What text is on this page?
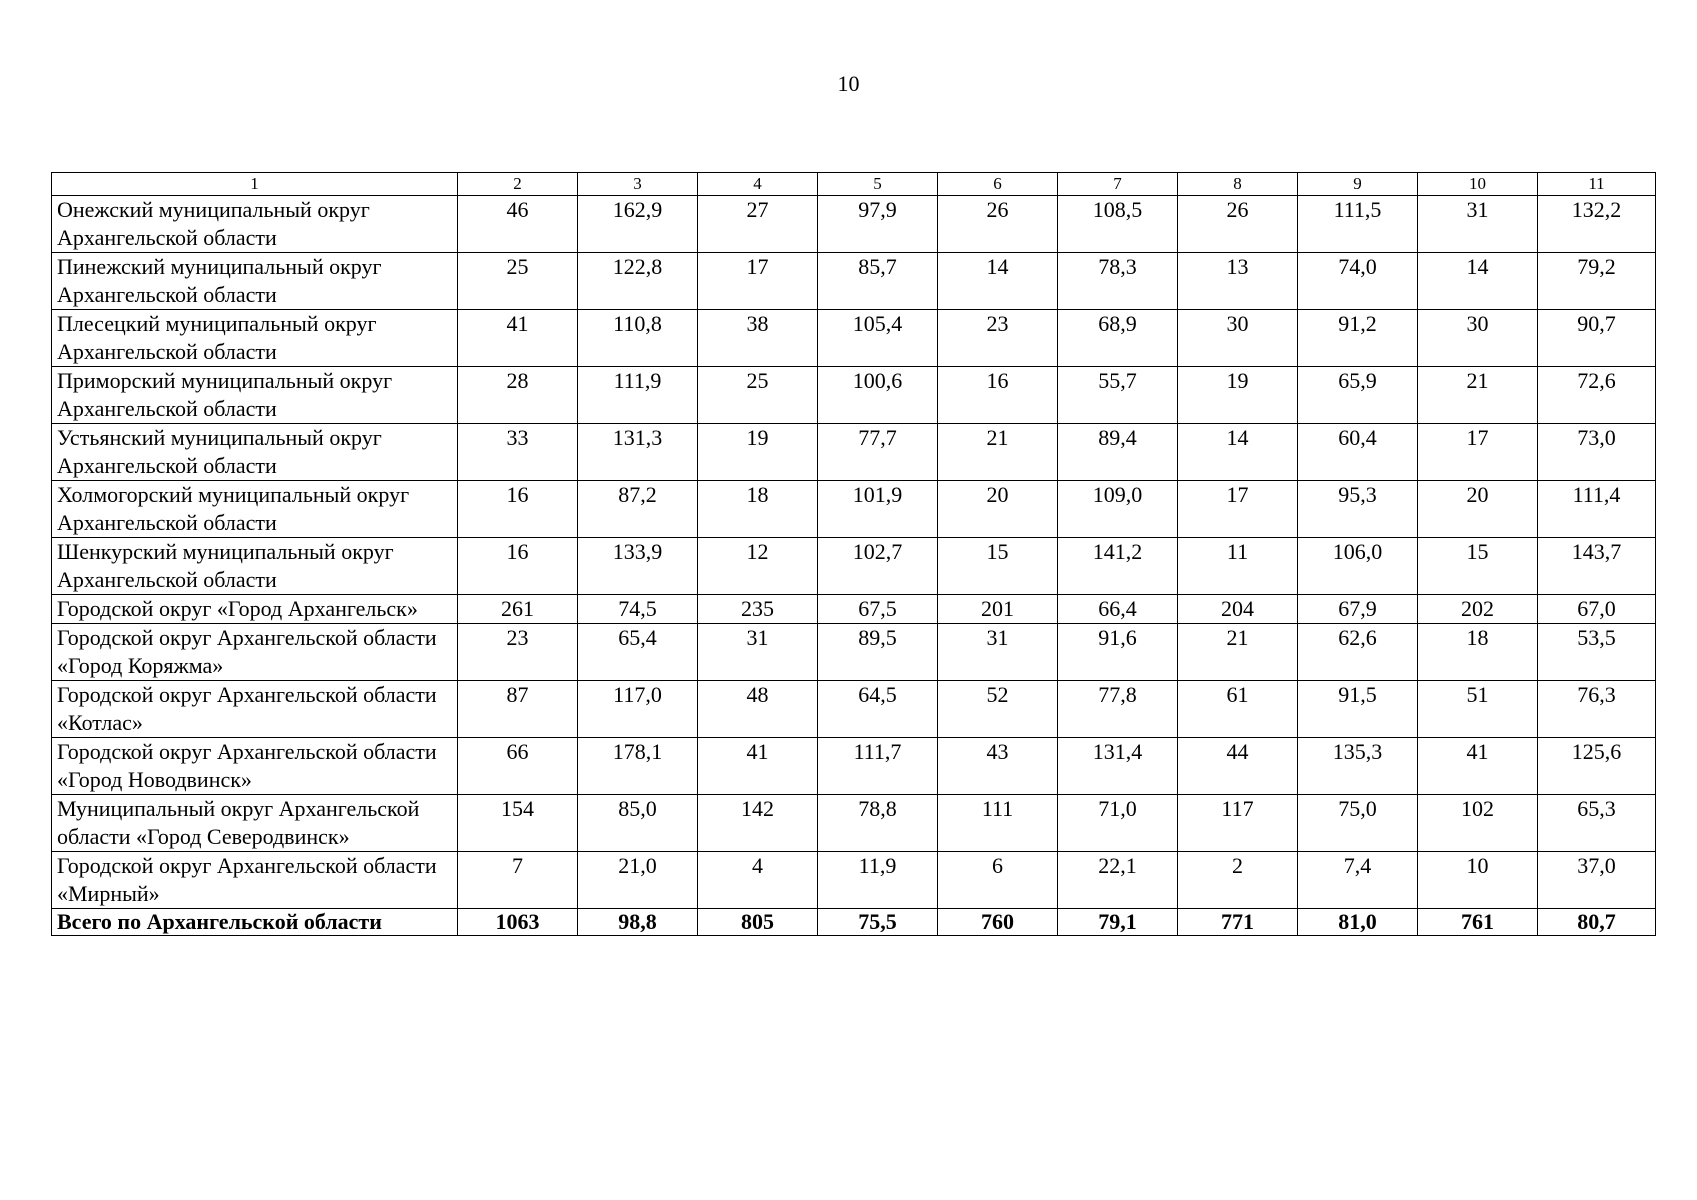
10
1	2	3	4	5	6	7	8	9	10	11
Онежский муниципальный округ Архангельской области	46	162,9	27	97,9	26	108,5	26	111,5	31	132,2
Пинежский муниципальный округ Архангельской области	25	122,8	17	85,7	14	78,3	13	74,0	14	79,2
Плесецкий муниципальный округ Архангельской области	41	110,8	38	105,4	23	68,9	30	91,2	30	90,7
Приморский муниципальный округ Архангельской области	28	111,9	25	100,6	16	55,7	19	65,9	21	72,6
Устьянский муниципальный округ Архангельской области	33	131,3	19	77,7	21	89,4	14	60,4	17	73,0
Холмогорский муниципальный округ Архангельской области	16	87,2	18	101,9	20	109,0	17	95,3	20	111,4
Шенкурский муниципальный округ Архангельской области	16	133,9	12	102,7	15	141,2	11	106,0	15	143,7
Городской округ «Город Архангельск»	261	74,5	235	67,5	201	66,4	204	67,9	202	67,0
Городской округ Архангельской области «Город Коряжма»	23	65,4	31	89,5	31	91,6	21	62,6	18	53,5
Городской округ Архангельской области «Котлас»	87	117,0	48	64,5	52	77,8	61	91,5	51	76,3
Городской округ Архангельской области «Город Новодвинск»	66	178,1	41	111,7	43	131,4	44	135,3	41	125,6
Муниципальный округ Архангельской области «Город Северодвинск»	154	85,0	142	78,8	111	71,0	117	75,0	102	65,3
Городской округ Архангельской области «Мирный»	7	21,0	4	11,9	6	22,1	2	7,4	10	37,0
Всего по Архангельской области	1063	98,8	805	75,5	760	79,1	771	81,0	761	80,7
